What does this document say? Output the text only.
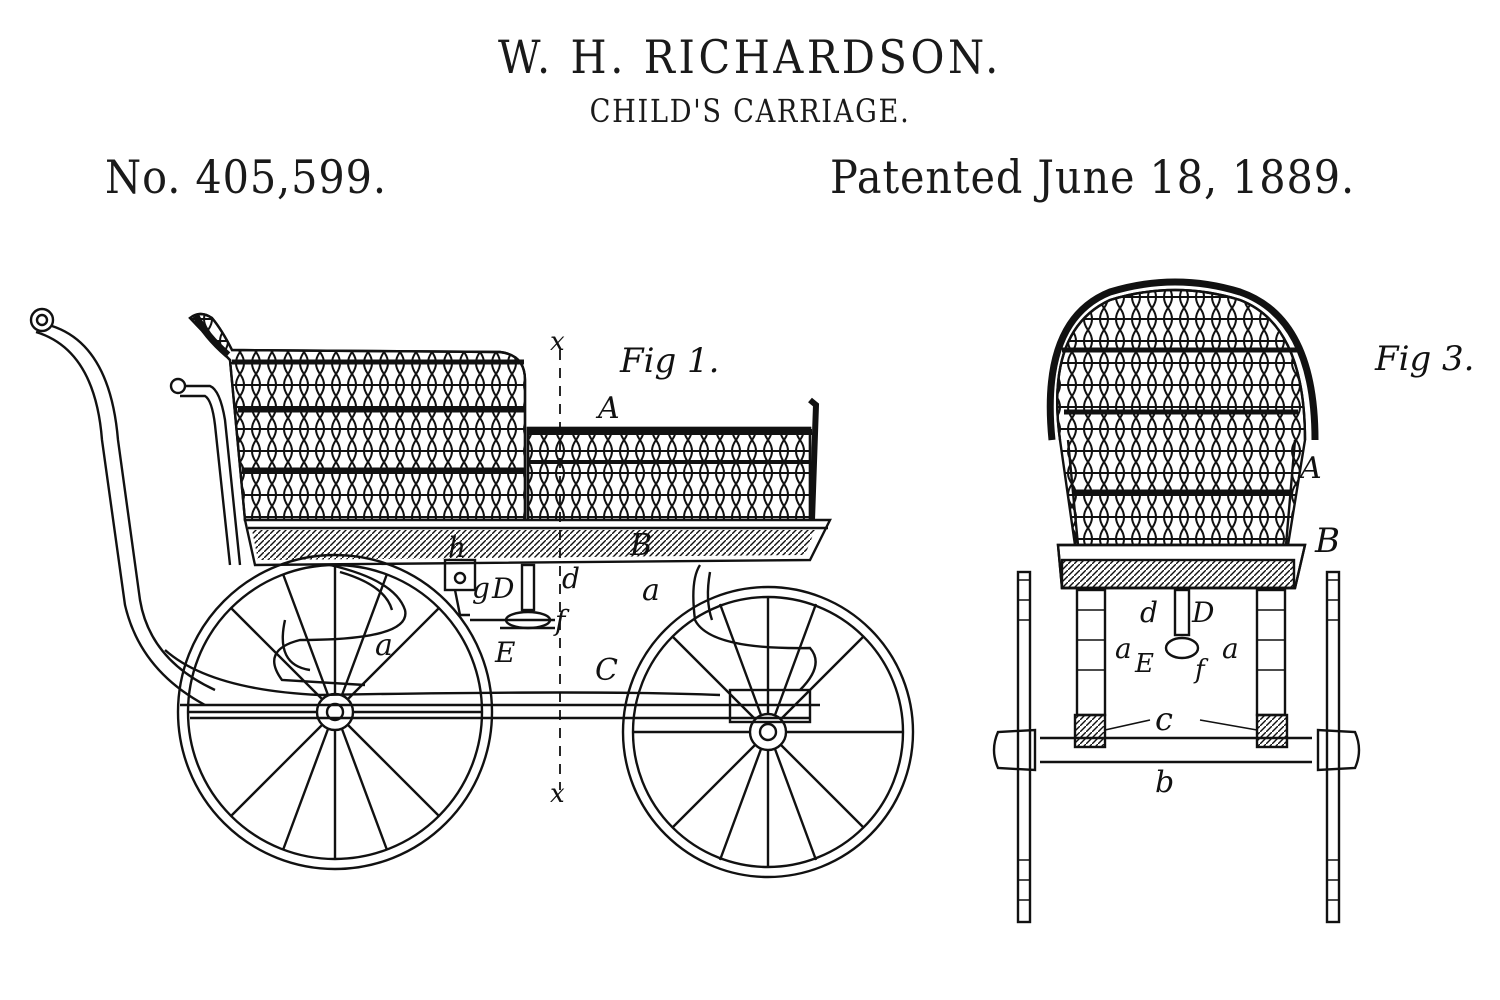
W. H. RICHARDSON.
CHILD'S CARRIAGE.
No. 405,599.	Patented June 18, 1889.
Fig 1.
A
B
C
a
a
d
D
E
f
g
h
x
x
Fig 3.
A
B
b
c
d D
E f
a	a
